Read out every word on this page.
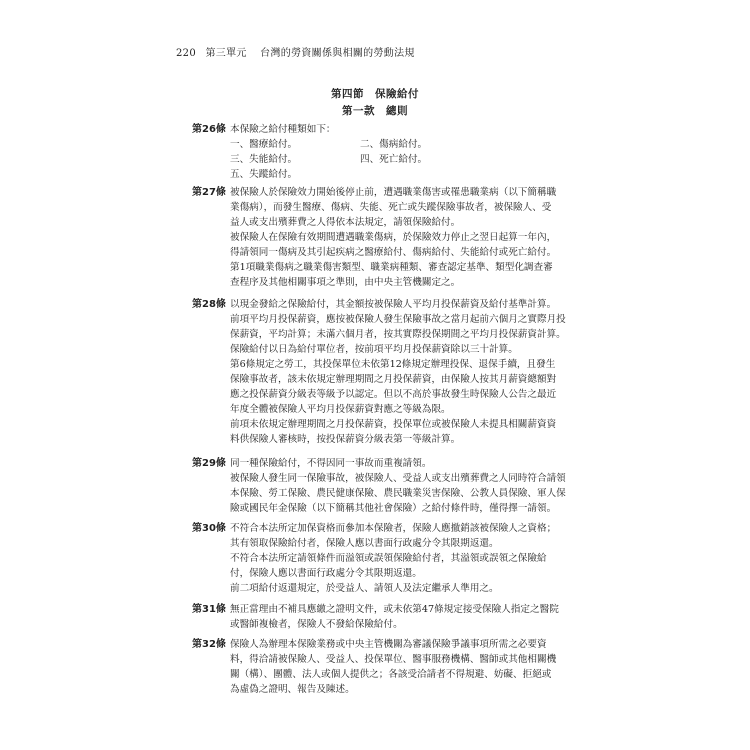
220 第三單元 台灣的勞資關係與相關的勞動法規
第四節　保險給付
第一款　總則
第26條 本保險之給付種類如下：

一、醫療給付。	二、傷病給付。
三、失能給付。	四、死亡給付。
五、失蹤給付。
第27條 被保險人於保險效力開始後停止前，遭遇職業傷害或罹患職業病（以下簡稱職

業傷病），而發生醫療、傷病、失能、死亡或失蹤保險事故者，被保險人、受

益人或支出殯葬費之人得依本法規定，請領保險給付。

被保險人在保險有效期間遭遇職業傷病，於保險效力停止之翌日起算一年內，

得請領同一傷病及其引起疾病之醫療給付、傷病給付、失能給付或死亡給付。

第1項職業傷病之職業傷害類型、職業病種類、審查認定基準、類型化調查審

查程序及其他相關事項之準則，由中央主管機關定之。

第28條 以現金發給之保險給付，其金額按被保險人平均月投保薪資及給付基準計算。

前項平均月投保薪資，應按被保險人發生保險事故之當月起前六個月之實際月投

保薪資，平均計算；未滿六個月者，按其實際投保期間之平均月投保薪資計算。

保險給付以日為給付單位者，按前項平均月投保薪資除以三十計算。

第6條規定之勞工，其投保單位未依第12條規定辦理投保、退保手續，且發生

保險事故者，該未依規定辦理期間之月投保薪資，由保險人按其月薪資總額對

應之投保薪資分級表等級予以認定。但以不高於事故發生時保險人公告之最近

年度全體被保險人平均月投保薪資對應之等級為限。

前項未依規定辦理期間之月投保薪資，投保單位或被保險人未提具相關薪資資

料供保險人審核時，按投保薪資分級表第一等級計算。

第29條 同一種保險給付，不得因同一事故而重複請領。

被保險人發生同一保險事故，被保險人、受益人或支出殯葬費之人同時符合請領

本保險、勞工保險、農民健康保險、農民職業災害保險、公教人員保險、軍人保

險或國民年金保險（以下簡稱其他社會保險）之給付條件時，僅得擇一請領。

第30條 不符合本法所定加保資格而參加本保險者，保險人應撤銷該被保險人之資格；

其有領取保險給付者，保險人應以書面行政處分令其限期返還。

不符合本法所定請領條件而溢領或誤領保險給付者，其溢領或誤領之保險給

付，保險人應以書面行政處分令其限期返還。

前二項給付返還規定，於受益人、請領人及法定繼承人準用之。

第31條 無正當理由不補具應繳之證明文件，或未依第47條規定接受保險人指定之醫院

或醫師複檢者，保險人不發給保險給付。

第32條 保險人為辦理本保險業務或中央主管機關為審議保險爭議事項所需之必要資

料，得洽請被保險人、受益人、投保單位、醫事服務機構、醫師或其他相關機

關（構）、團體、法人或個人提供之；各該受洽請者不得規避、妨礙、拒絕或

為虛偽之證明、報告及陳述。
